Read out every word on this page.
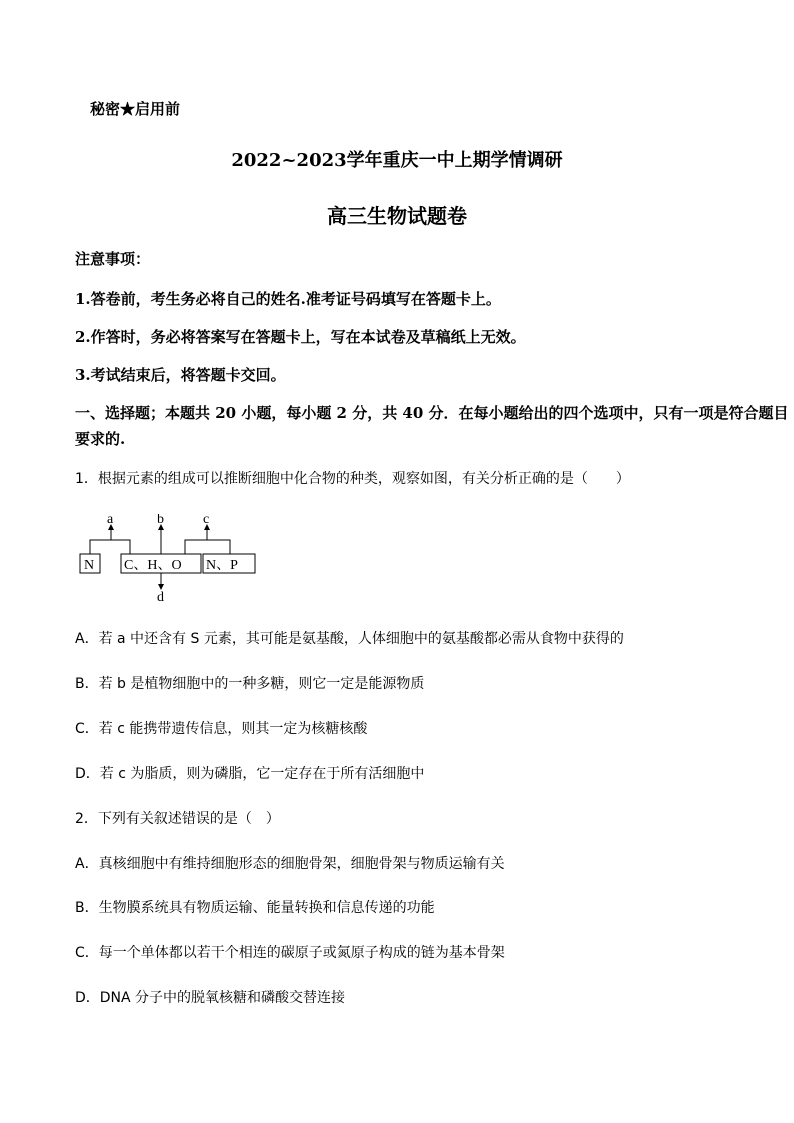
秘密★启用前
2022~2023学年重庆一中上期学情调研
高三生物试题卷
注意事项：
1.答卷前，考生务必将自己的姓名.准考证号码填写在答题卡上。
2.作答时，务必将答案写在答题卡上，写在本试卷及草稿纸上无效。
3.考试结束后，将答题卡交回。
一、选择题；本题共 20 小题，每小题 2 分，共 40 分．在每小题给出的四个选项中，只有一项是符合题目
要求的.
1．根据元素的组成可以推断细胞中化合物的种类，观察如图，有关分析正确的是（　　）
N C、H、O N、P
a	b	c
d
A．若 a 中还含有 S 元素，其可能是氨基酸，人体细胞中的氨基酸都必需从食物中获得的
B．若 b 是植物细胞中的一种多糖，则它一定是能源物质
C．若 c 能携带遗传信息，则其一定为核糖核酸
D．若 c 为脂质，则为磷脂，它一定存在于所有活细胞中
2．下列有关叙述错误的是（　）
A．真核细胞中有维持细胞形态的细胞骨架，细胞骨架与物质运输有关
B．生物膜系统具有物质运输、能量转换和信息传递的功能
C．每一个单体都以若干个相连的碳原子或氮原子构成的链为基本骨架
D．DNA 分子中的脱氧核糖和磷酸交替连接
